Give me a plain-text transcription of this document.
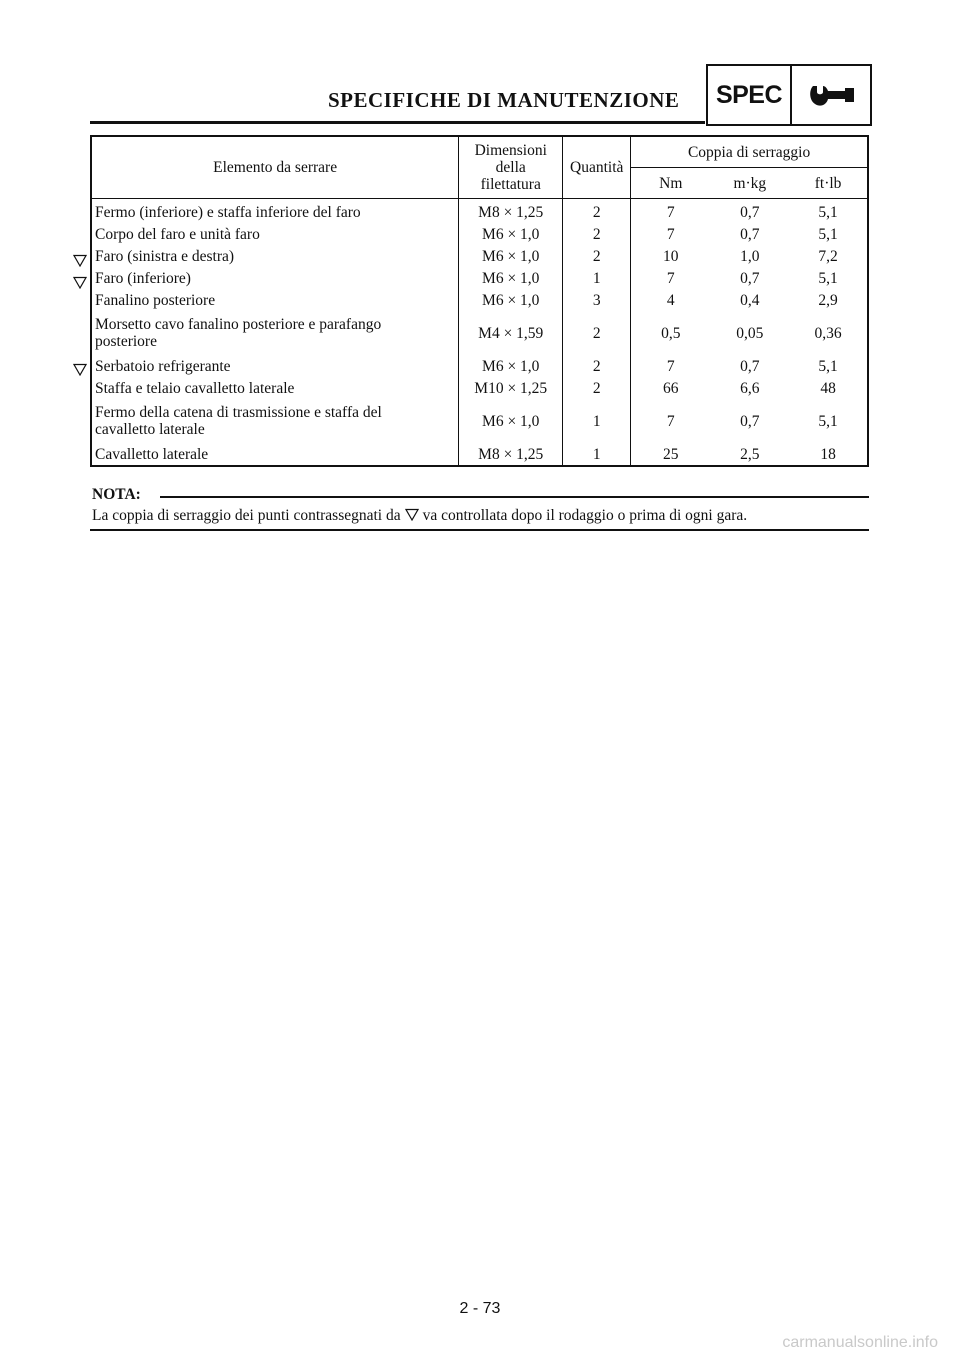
SPECIFICHE DI MANUTENZIONE SPEC
Elemento da serrare	Dimensioni della filettatura	Quantità	Coppia di serraggio		
			Nm	m·kg	ft·lb
Fermo (inferiore) e staffa inferiore del faro	M8 × 1,25	2	7	0,7	5,1
Corpo del faro e unità faro	M6 × 1,0	2	7	0,7	5,1
Faro (sinistra e destra)	M6 × 1,0	2	10	1,0	7,2
Faro (inferiore)	M6 × 1,0	1	7	0,7	5,1
Fanalino posteriore	M6 × 1,0	3	4	0,4	2,9
Morsetto cavo fanalino posteriore e parafango posteriore	M4 × 1,59	2	0,5	0,05	0,36
Serbatoio refrigerante	M6 × 1,0	2	7	0,7	5,1
Staffa e telaio cavalletto laterale	M10 × 1,25	2	66	6,6	48
Fermo della catena di trasmissione e staffa del cavalletto laterale	M6 × 1,0	1	7	0,7	5,1
Cavalletto laterale	M8 × 1,25	1	25	2,5	18
NOTA:
La coppia di serraggio dei punti contrassegnati da va controllata dopo il rodaggio o prima di ogni gara.
2 - 73
carmanualsonline.info
